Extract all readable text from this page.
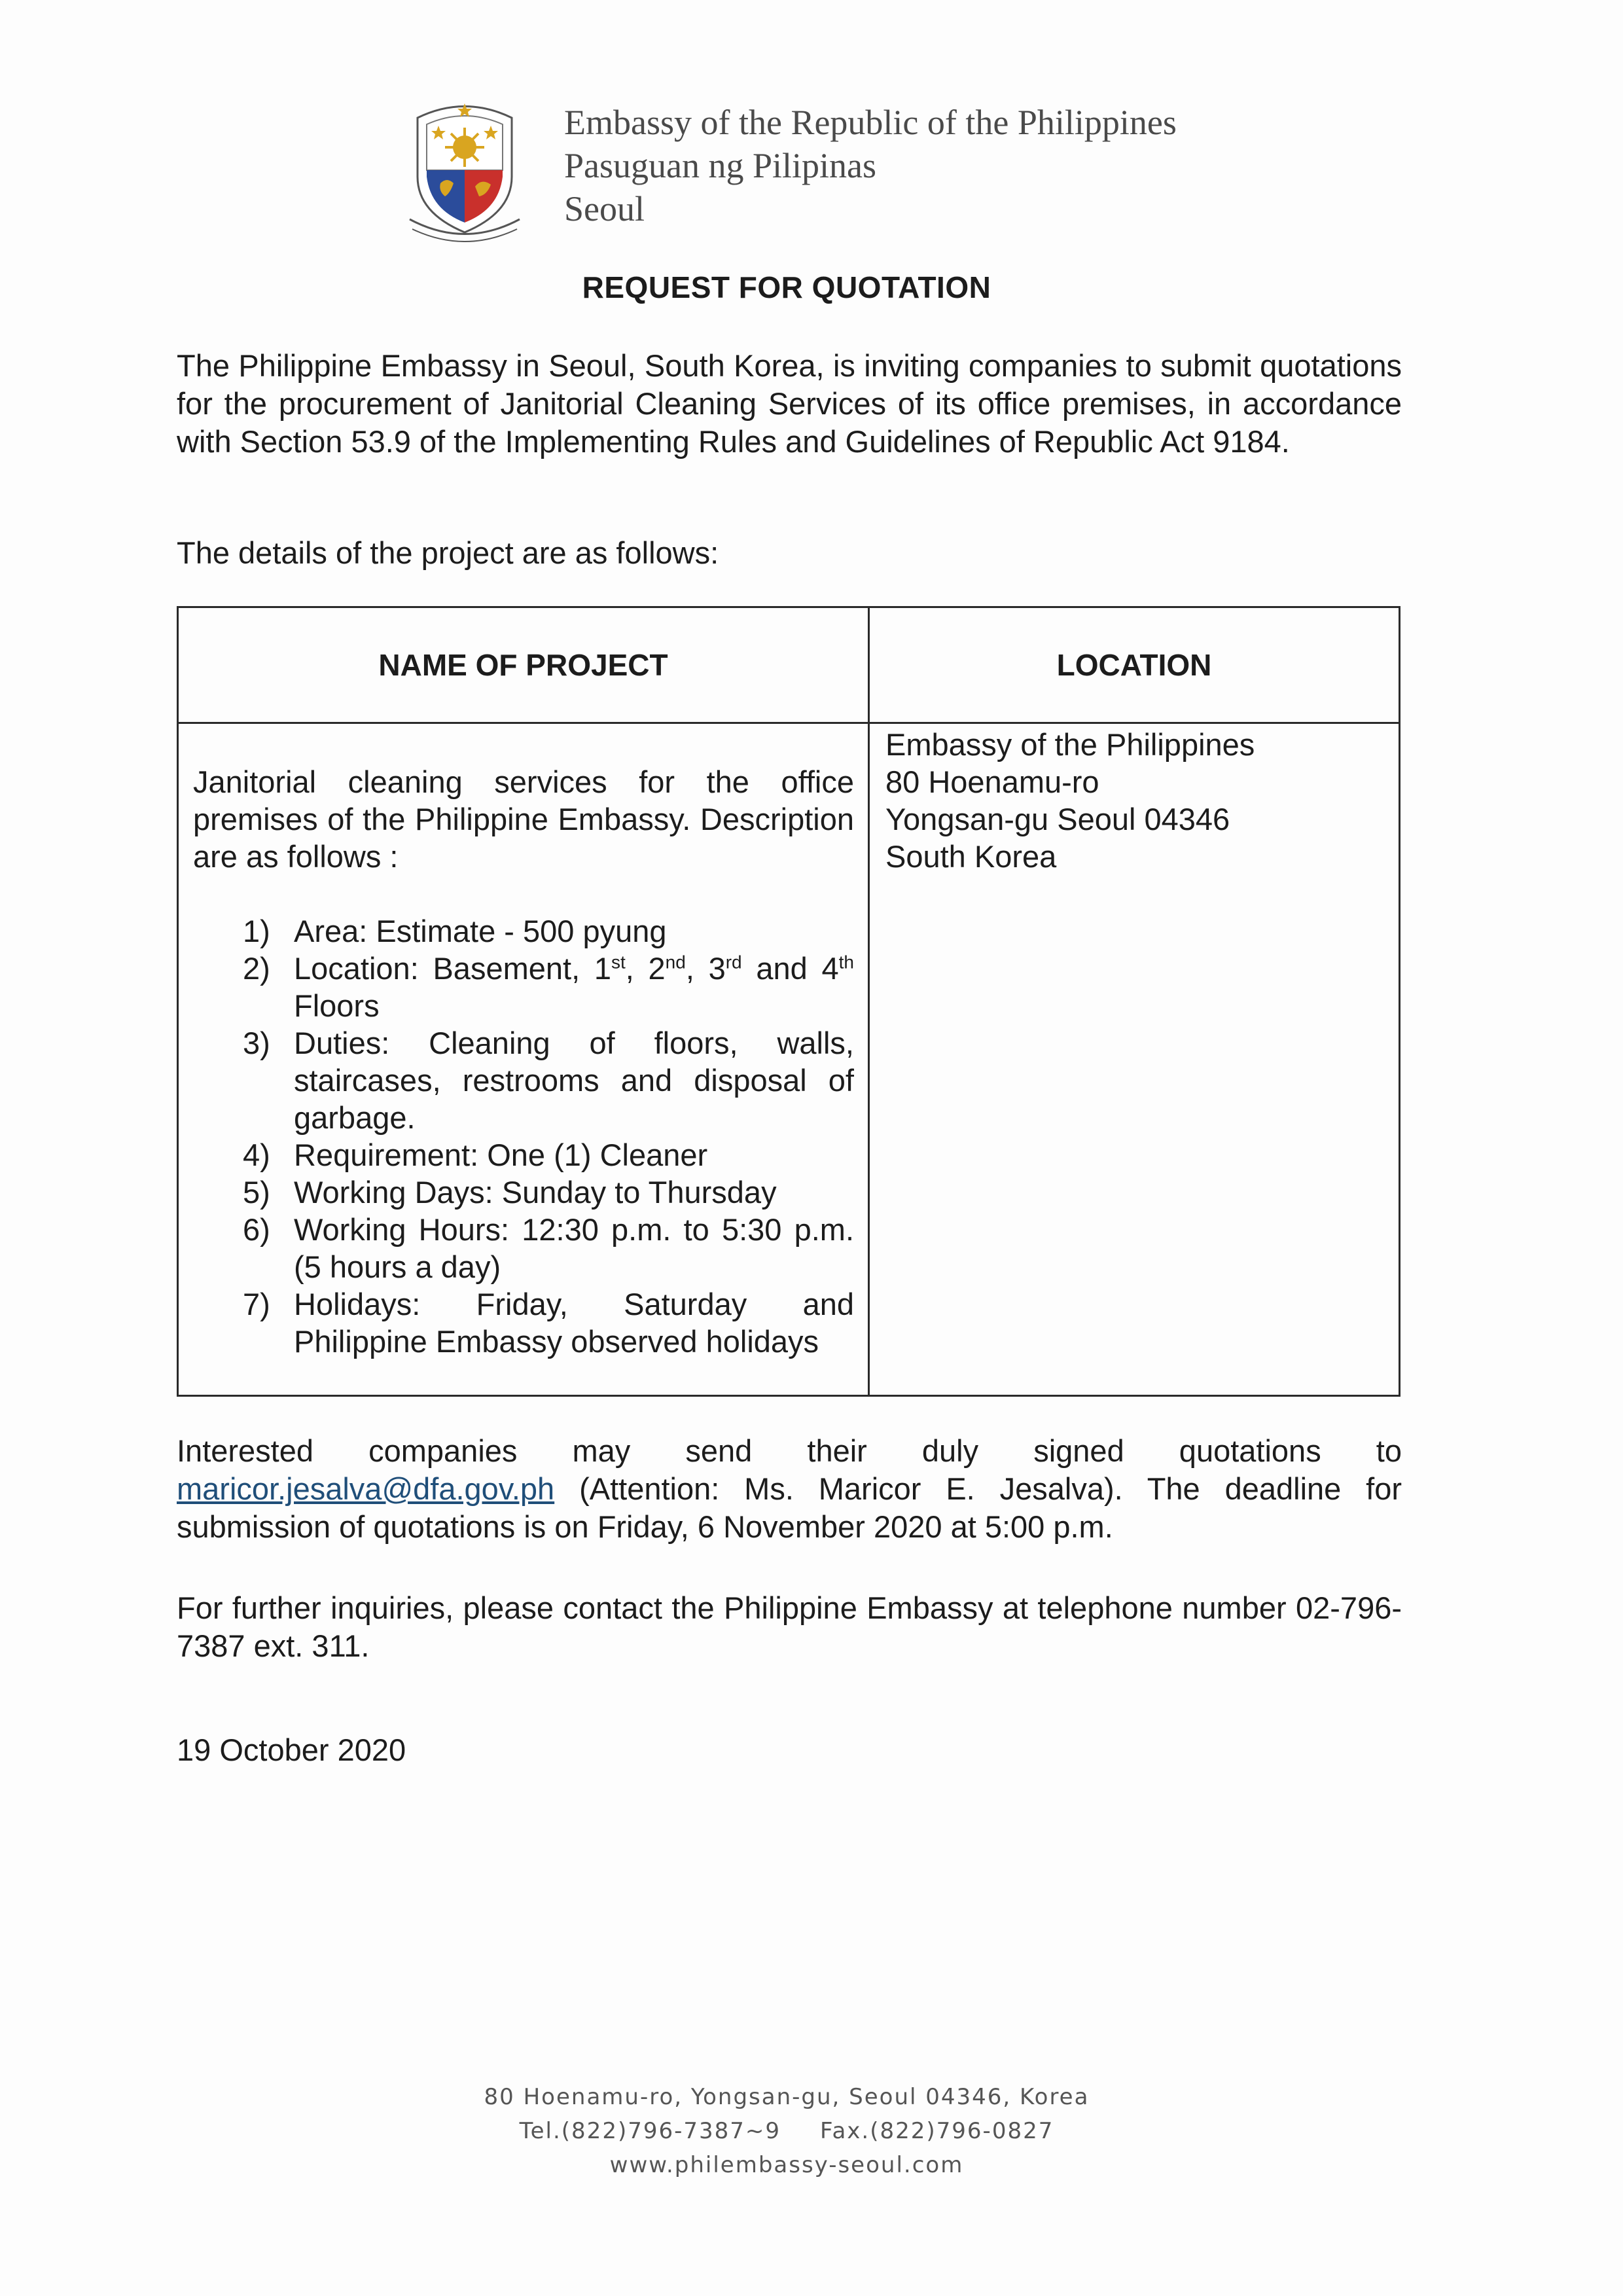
Embassy of the Republic of the Philippines
Pasuguan ng Pilipinas
Seoul
REQUEST FOR QUOTATION
The Philippine Embassy in Seoul, South Korea, is inviting companies to submit quotations for the procurement of Janitorial Cleaning Services of its office premises, in accordance with Section 53.9 of the Implementing Rules and Guidelines of Republic Act 9184.
The details of the project are as follows:
NAME OF PROJECT	LOCATION
Janitorial cleaning services for the office premises of the Philippine Embassy. Description are as follows :
1) Area: Estimate - 500 pyung
2) Location: Basement, 1st, 2nd, 3rd and 4th Floors
3) Duties: Cleaning of floors, walls, staircases, restrooms and disposal of garbage.
4) Requirement: One (1) Cleaner
5) Working Days: Sunday to Thursday
6) Working Hours: 12:30 p.m. to 5:30 p.m. (5 hours a day)
7) Holidays: Friday, Saturday and Philippine Embassy observed holidays
Embassy of the Philippines
80 Hoenamu-ro
Yongsan-gu Seoul 04346
South Korea
Interested companies may send their duly signed quotations to maricor.jesalva@dfa.gov.ph (Attention: Ms. Maricor E. Jesalva). The deadline for submission of quotations is on Friday, 6 November 2020 at 5:00 p.m.
For further inquiries, please contact the Philippine Embassy at telephone number 02-796-7387 ext. 311.
19 October 2020
80 Hoenamu-ro, Yongsan-gu, Seoul 04346, Korea
Tel.(822)796-7387~9 Fax.(822)796-0827
www.philembassy-seoul.com
